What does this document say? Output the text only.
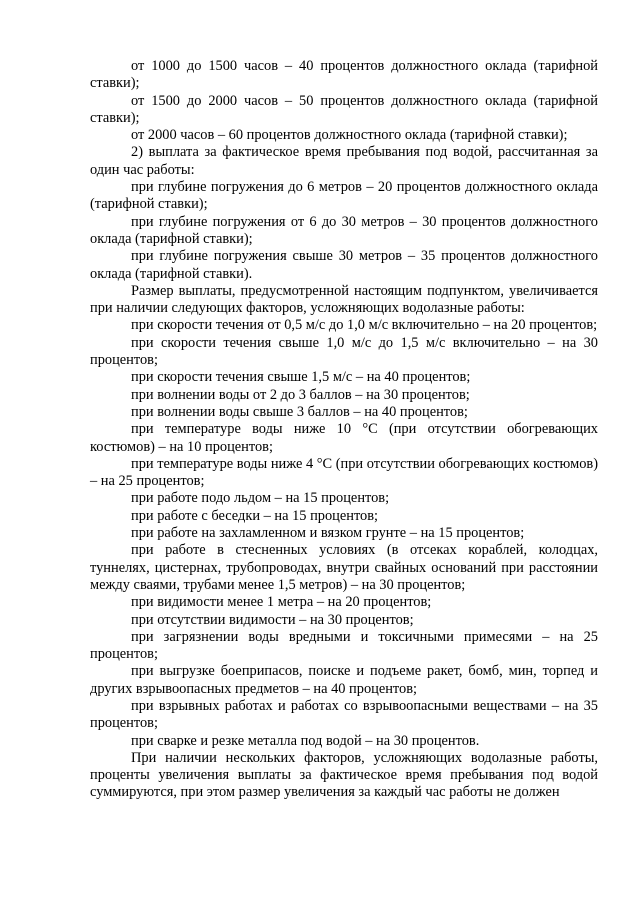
от 1000 до 1500 часов – 40 процентов должностного оклада (тарифной ставки);

от 1500 до 2000 часов – 50 процентов должностного оклада (тарифной ставки);

от 2000 часов – 60 процентов должностного оклада (тарифной ставки);

2) выплата за фактическое время пребывания под водой, рассчитанная за один час работы:

при глубине погружения до 6 метров – 20 процентов должностного оклада (тарифной ставки);

при глубине погружения от 6 до 30 метров – 30 процентов должностного оклада (тарифной ставки);

при глубине погружения свыше 30 метров – 35 процентов должностного оклада (тарифной ставки).

Размер выплаты, предусмотренной настоящим подпунктом, увеличивается при наличии следующих факторов, усложняющих водолазные работы:

при скорости течения от 0,5 м/с до 1,0 м/с включительно – на 20 процентов;

при скорости течения свыше 1,0 м/с до 1,5 м/с включительно – на 30 процентов;

при скорости течения свыше 1,5 м/с – на 40 процентов;

при волнении воды от 2 до 3 баллов – на 30 процентов;

при волнении воды свыше 3 баллов – на 40 процентов;

при температуре воды ниже 10 °С (при отсутствии обогревающих костюмов) – на 10 процентов;

при температуре воды ниже 4 °С (при отсутствии обогревающих костюмов) – на 25 процентов;

при работе подо льдом – на 15 процентов;

при работе с беседки – на 15 процентов;

при работе на захламленном и вязком грунте – на 15 процентов;

при работе в стесненных условиях (в отсеках кораблей, колодцах, туннелях, цистернах, трубопроводах, внутри свайных оснований при расстоянии между сваями, трубами менее 1,5 метров) – на 30 процентов;

при видимости менее 1 метра – на 20 процентов;

при отсутствии видимости – на 30 процентов;

при загрязнении воды вредными и токсичными примесями – на 25 процентов;

при выгрузке боеприпасов, поиске и подъеме ракет, бомб, мин, торпед и других взрывоопасных предметов – на 40 процентов;

при взрывных работах и работах со взрывоопасными веществами – на 35 процентов;

при сварке и резке металла под водой – на 30 процентов.

При наличии нескольких факторов, усложняющих водолазные работы, проценты увеличения выплаты за фактическое время пребывания под водой суммируются, при этом размер увеличения за каждый час работы не должен
